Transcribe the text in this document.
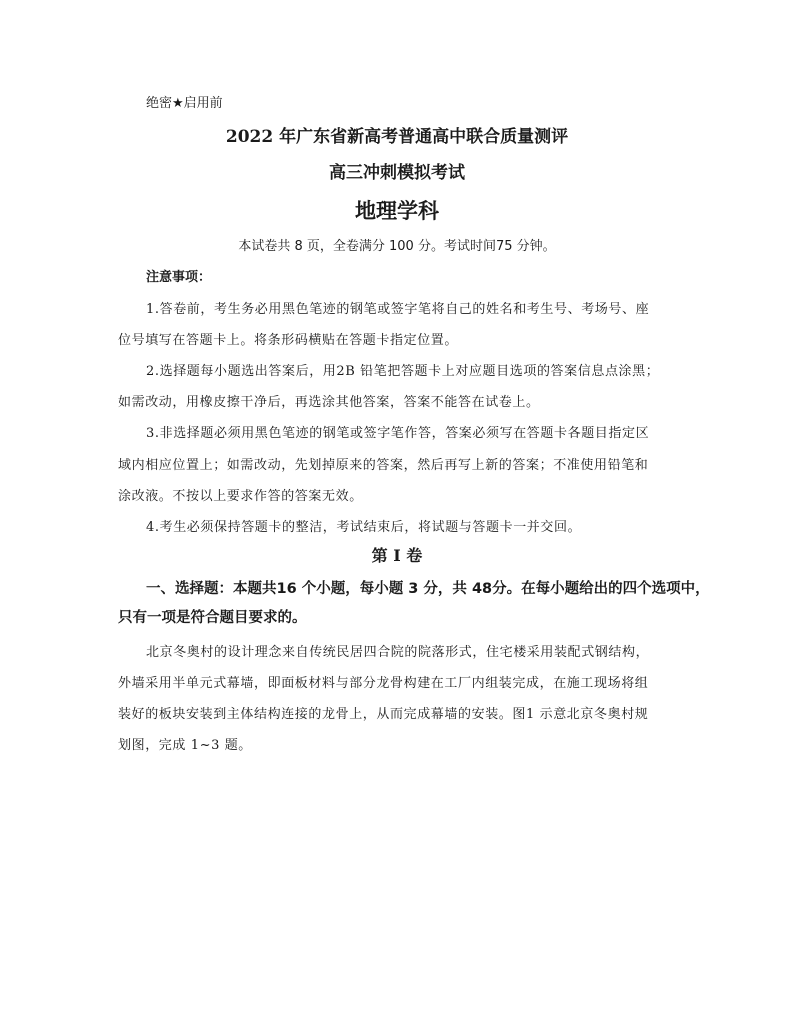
绝密★启用前
2022 年广东省新高考普通高中联合质量测评
高三冲刺模拟考试
地理学科
本试卷共 8 页，全卷满分 100 分。考试时间75 分钟。
注意事项：
1.答卷前，考生务必用黑色笔迹的钢笔或签字笔将自己的姓名和考生号、考场号、座
位号填写在答题卡上。将条形码横贴在答题卡指定位置。
2.选择题每小题选出答案后，用2B 铅笔把答题卡上对应题目选项的答案信息点涂黑；
如需改动，用橡皮擦干净后，再选涂其他答案，答案不能答在试卷上。
3.非选择题必须用黑色笔迹的钢笔或签字笔作答，答案必须写在答题卡各题目指定区
域内相应位置上；如需改动，先划掉原来的答案，然后再写上新的答案；不准使用铅笔和
涂改液。不按以上要求作答的答案无效。
4.考生必须保持答题卡的整洁，考试结束后，将试题与答题卡一并交回。
第 Ⅰ 卷
一、选择题：本题共16 个小题，每小题 3 分，共 48分。在每小题给出的四个选项中，
只有一项是符合题目要求的。
北京冬奥村的设计理念来自传统民居四合院的院落形式，住宅楼采用装配式钢结构，
外墙采用半单元式幕墙，即面板材料与部分龙骨构建在工厂内组装完成，在施工现场将组
装好的板块安装到主体结构连接的龙骨上，从而完成幕墙的安装。图1 示意北京冬奥村规
划图，完成 1~3 题。
